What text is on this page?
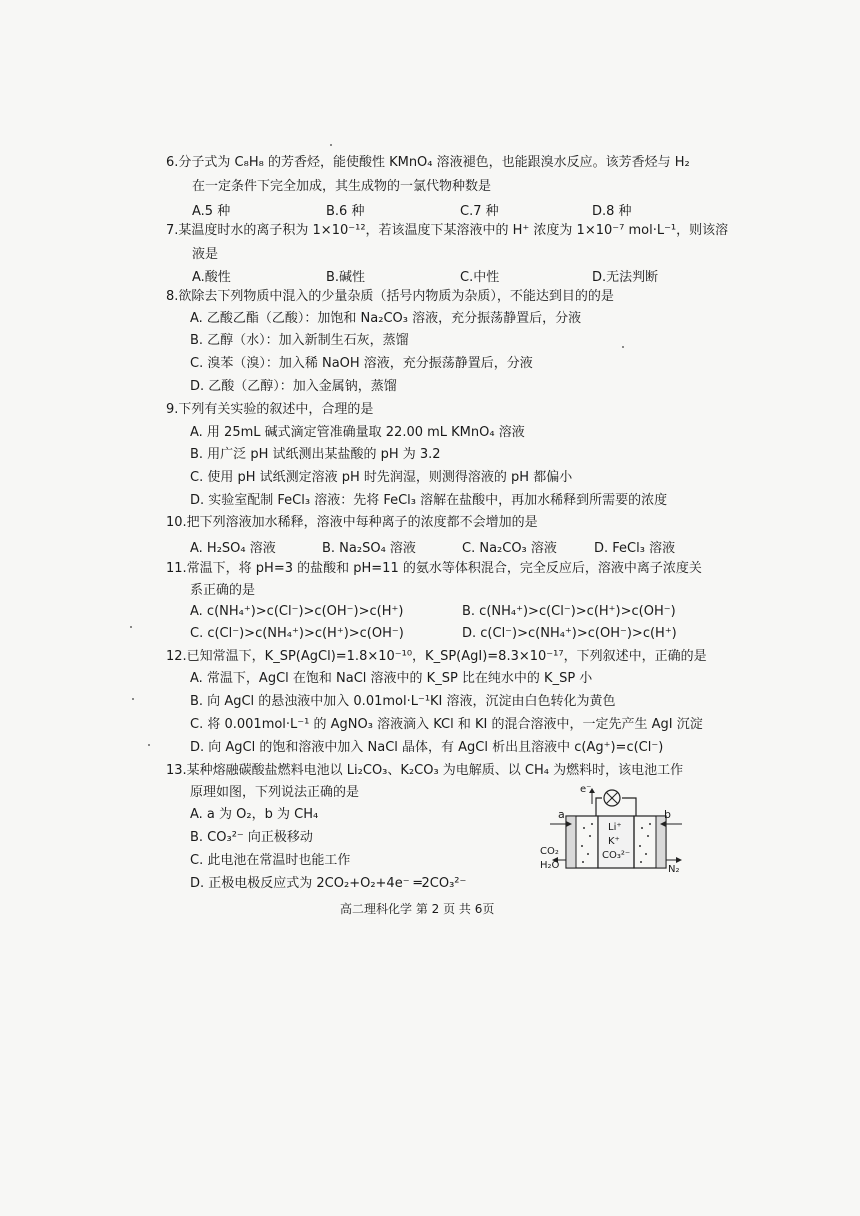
6.分子式为 C₈H₈ 的芳香烃，能使酸性 KMnO₄ 溶液褪色，也能跟溴水反应。该芳香烃与 H₂
在一定条件下完全加成，其生成物的一氯代物种数是
A.5 种	B.6 种	C.7 种	D.8 种
7.某温度时水的离子积为 1×10⁻¹²，若该温度下某溶液中的 H⁺ 浓度为 1×10⁻⁷ mol·L⁻¹，则该溶
液是
A.酸性	B.碱性	C.中性	D.无法判断
8.欲除去下列物质中混入的少量杂质（括号内物质为杂质），不能达到目的的是
A. 乙酸乙酯（乙酸）：加饱和 Na₂CO₃ 溶液，充分振荡静置后，分液
B. 乙醇（水）：加入新制生石灰，蒸馏
C. 溴苯（溴）：加入稀 NaOH 溶液，充分振荡静置后，分液
D. 乙酸（乙醇）：加入金属钠，蒸馏
9.下列有关实验的叙述中，合理的是
A. 用 25mL 碱式滴定管准确量取 22.00 mL KMnO₄ 溶液
B. 用广泛 pH 试纸测出某盐酸的 pH 为 3.2
C. 使用 pH 试纸测定溶液 pH 时先润湿，则测得溶液的 pH 都偏小
D. 实验室配制 FeCl₃ 溶液：先将 FeCl₃ 溶解在盐酸中，再加水稀释到所需要的浓度
10.把下列溶液加水稀释，溶液中每种离子的浓度都不会增加的是
A. H₂SO₄ 溶液	B. Na₂SO₄ 溶液	C. Na₂CO₃ 溶液	D. FeCl₃ 溶液
11.常温下，将 pH=3 的盐酸和 pH=11 的氨水等体积混合，完全反应后，溶液中离子浓度关
系正确的是
A. c(NH₄⁺)>c(Cl⁻)>c(OH⁻)>c(H⁺)	B. c(NH₄⁺)>c(Cl⁻)>c(H⁺)>c(OH⁻)
C. c(Cl⁻)>c(NH₄⁺)>c(H⁺)>c(OH⁻)	D. c(Cl⁻)>c(NH₄⁺)>c(OH⁻)>c(H⁺)
12.已知常温下，K_SP(AgCl)=1.8×10⁻¹⁰，K_SP(AgI)=8.3×10⁻¹⁷，下列叙述中，正确的是
A. 常温下，AgCl 在饱和 NaCl 溶液中的 K_SP 比在纯水中的 K_SP 小
B. 向 AgCl 的悬浊液中加入 0.01mol·L⁻¹KI 溶液，沉淀由白色转化为黄色
C. 将 0.001mol·L⁻¹ 的 AgNO₃ 溶液滴入 KCl 和 KI 的混合溶液中，一定先产生 AgI 沉淀
D. 向 AgCl 的饱和溶液中加入 NaCl 晶体，有 AgCl 析出且溶液中 c(Ag⁺)=c(Cl⁻)
13.某种熔融碳酸盐燃料电池以 Li₂CO₃、K₂CO₃ 为电解质、以 CH₄ 为燃料时，该电池工作
原理如图，下列说法正确的是
A. a 为 O₂，b 为 CH₄
B. CO₃²⁻ 向正极移动
C. 此电池在常温时也能工作
D. 正极电极反应式为 2CO₂+O₂+4e⁻ ═2CO₃²⁻
e⁻
a	b
Li⁺
K⁺
CO₃²⁻
CO₂
H₂O	N₂
高二理科化学 第 2 页 共 6页
